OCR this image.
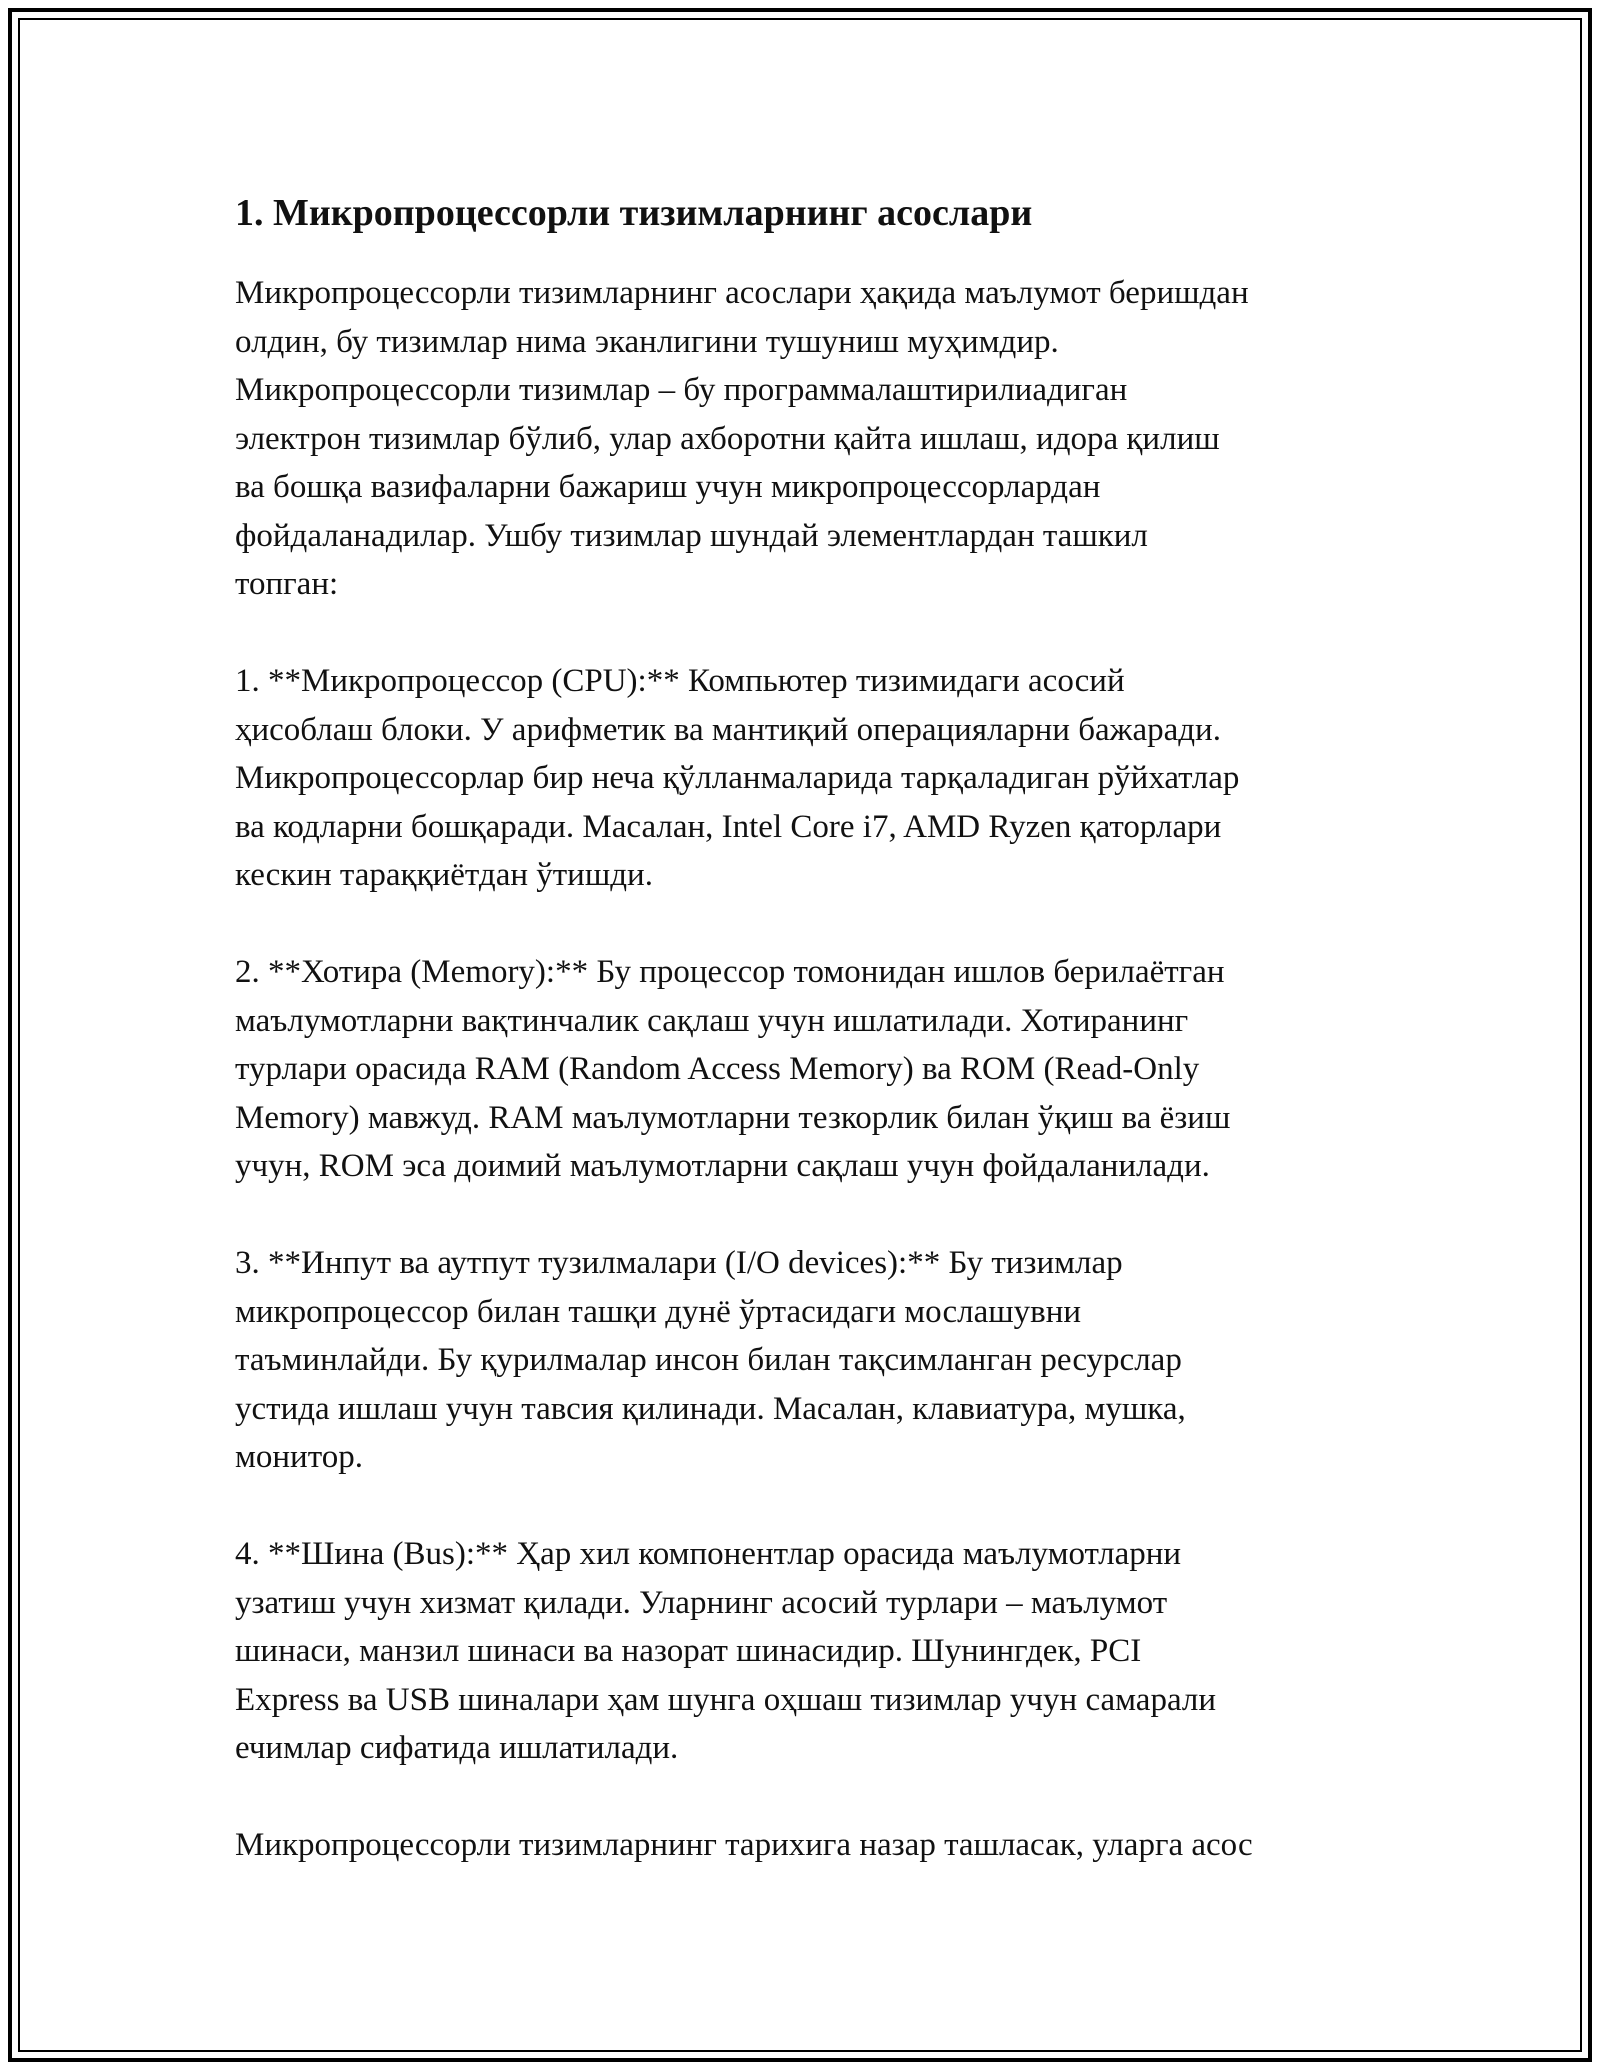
1. Микропроцессорли тизимларнинг асослари

Микропроцессорли тизимларнинг асослари ҳақида маълумот беришдан
олдин, бу тизимлар нима эканлигини тушуниш муҳимдир.
Микропроцессорли тизимлар – бу программалаштирилиадиган
электрон тизимлар бўлиб, улар ахборотни қайта ишлаш, идора қилиш
ва бошқа вазифаларни бажариш учун микропроцессорлардан
фойдаланадилар. Ушбу тизимлар шундай элементлардан ташкил
топган:

1. **Микропроцессор (CPU):** Компьютер тизимидаги асосий
ҳисоблаш блоки. У арифметик ва мантиқий операцияларни бажаради.
Микропроцессорлар бир неча қўлланмаларида тарқаладиган рўйхатлар
ва кодларни бошқаради. Масалан, Intel Core i7, AMD Ryzen қаторлари
кескин тараққиётдан ўтишди.

2. **Хотира (Memory):** Бу процессор томонидан ишлов берилаётган
маълумотларни вақтинчалик сақлаш учун ишлатилади. Хотиранинг
турлари орасида RAM (Random Access Memory) ва ROM (Read-Only
Memory) мавжуд. RAM маълумотларни тезкорлик билан ўқиш ва ёзиш
учун, ROM эса доимий маълумотларни сақлаш учун фойдаланилади.

3. **Инпут ва аутпут тузилмалари (I/O devices):** Бу тизимлар
микропроцессор билан ташқи дунё ўртасидаги мослашувни
таъминлайди. Бу қурилмалар инсон билан тақсимланган ресурслар
устида ишлаш учун тавсия қилинади. Масалан, клавиатура, мушка,
монитор.

4. **Шина (Bus):** Ҳар хил компонентлар орасида маълумотларни
узатиш учун хизмат қилади. Уларнинг асосий турлари – маълумот
шинаси, манзил шинаси ва назорат шинасидир. Шунингдек, PCI
Express ва USB шиналари ҳам шунга оҳшаш тизимлар учун самарали
ечимлар сифатида ишлатилади.

Микропроцессорли тизимларнинг тарихига назар ташласак, уларга асос
